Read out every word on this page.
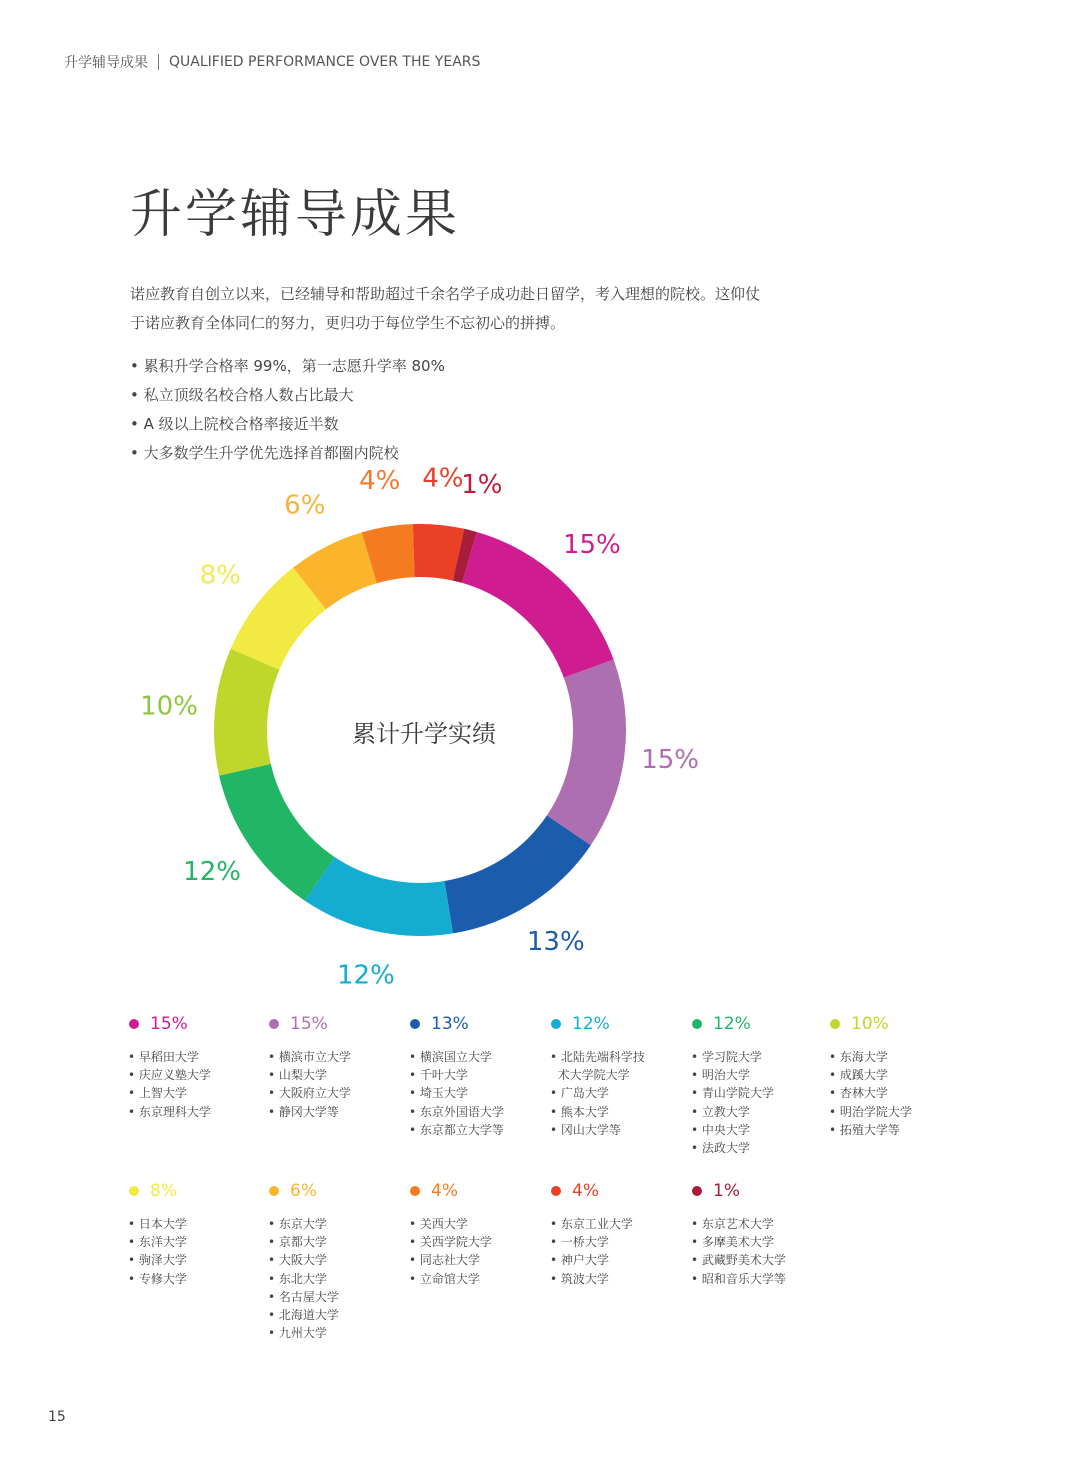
升学辅导成果 QUALIFIED PERFORMANCE OVER THE YEARS
升学辅导成果

诺应教育自创立以来，已经辅导和帮助超过千余名学子成功赴日留学，考入理想的院校。这仰仗于诺应教育全体同仁的努力，更归功于每位学生不忘初心的拼搏。

• 累积升学合格率 99%，第一志愿升学率 80%
• 私立顶级名校合格人数占比最大
• A 级以上院校合格率接近半数
• 大多数学生升学优先选择首都圈内院校
15%
13%
12%
12%
10%
8%
6%
4% 4%
1%
15%
累计升学实绩
15%
• 早稻田大学
• 庆应义塾大学
• 上智大学
• 东京理科大学
15%
• 横滨市立大学
• 山梨大学
• 大阪府立大学
• 静冈大学等
13%
• 横滨国立大学
• 千叶大学
• 埼玉大学
• 东京外国语大学
• 东京都立大学等
12%
• 北陆先端科学技
术大学院大学
• 广岛大学
• 熊本大学
• 冈山大学等
12%
• 学习院大学
• 明治大学
• 青山学院大学
• 立教大学
• 中央大学
• 法政大学
10%
• 东海大学
• 成蹊大学
• 杏林大学
• 明治学院大学
• 拓殖大学等
8%
• 日本大学
• 东洋大学
• 驹泽大学
• 专修大学
6%
• 东京大学
• 京都大学
• 大阪大学
• 东北大学
• 名古屋大学
• 北海道大学
• 九州大学
4%
• 关西大学
• 关西学院大学
• 同志社大学
• 立命馆大学
4%
• 东京工业大学
• 一桥大学
• 神户大学
• 筑波大学
1%
• 东京艺术大学
• 多摩美术大学
• 武藏野美术大学
• 昭和音乐大学等
15
